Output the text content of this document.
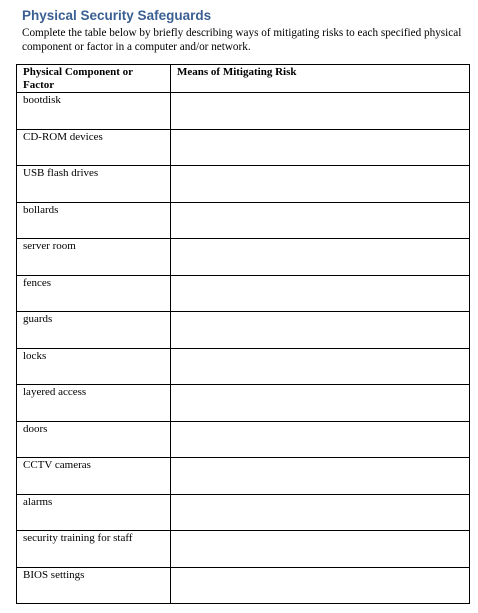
Physical Security Safeguards

Complete the table below by briefly describing ways of mitigating risks to each specified physical component or factor in a computer and/or network.

Physical Component or Factor	Means of Mitigating Risk
bootdisk	
CD-ROM devices	
USB flash drives	
bollards	
server room	
fences	
guards	
locks	
layered access	
doors	
CCTV cameras	
alarms	
security training for staff	
BIOS settings	
